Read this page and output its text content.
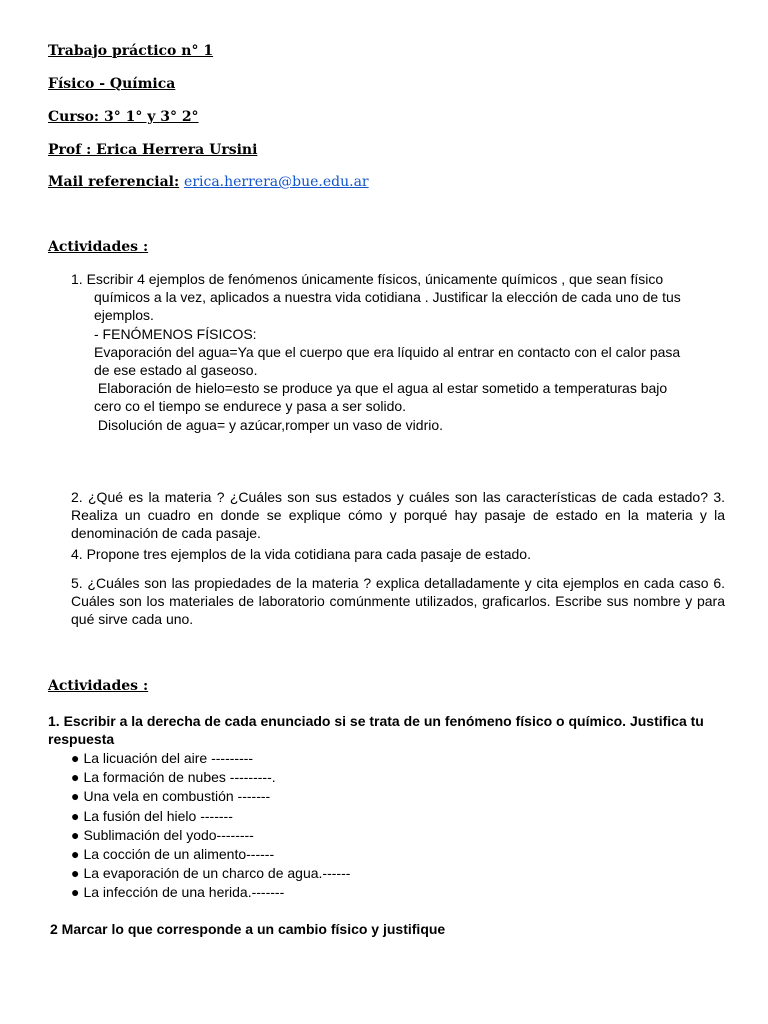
Trabajo práctico n° 1
Físico - Química
Curso: 3° 1° y 3° 2°
Prof : Erica Herrera Ursini
Mail referencial: erica.herrera@bue.edu.ar
Actividades :
1. Escribir 4 ejemplos de fenómenos únicamente físicos, únicamente químicos , que sean físico
químicos a la vez, aplicados a nuestra vida cotidiana . Justificar la elección de cada uno de tus
ejemplos.
- FENÓMENOS FÍSICOS:
Evaporación del agua=Ya que el cuerpo que era líquido al entrar en contacto con el calor pasa
de ese estado al gaseoso.
Elaboración de hielo=esto se produce ya que el agua al estar sometido a temperaturas bajo
cero co el tiempo se endurece y pasa a ser solido.
Disolución de agua= y azúcar,romper un vaso de vidrio.
2. ¿Qué es la materia ? ¿Cuáles son sus estados y cuáles son las características de cada estado? 3. Realiza un cuadro en donde se explique cómo y porqué hay pasaje de estado en la materia y la denominación de cada pasaje.
4. Propone tres ejemplos de la vida cotidiana para cada pasaje de estado.
5. ¿Cuáles son las propiedades de la materia ? explica detalladamente y cita ejemplos en cada caso 6. Cuáles son los materiales de laboratorio comúnmente utilizados, graficarlos. Escribe sus nombre y para qué sirve cada uno.
Actividades :
1. Escribir a la derecha de cada enunciado si se trata de un fenómeno físico o químico. Justifica tu
respuesta
● La licuación del aire ---------
● La formación de nubes ---------.
● Una vela en combustión -------
● La fusión del hielo -------
● Sublimación del yodo--------
● La cocción de un alimento------
● La evaporación de un charco de agua.------
● La infección de una herida.-------
2 Marcar lo que corresponde a un cambio físico y justifique
